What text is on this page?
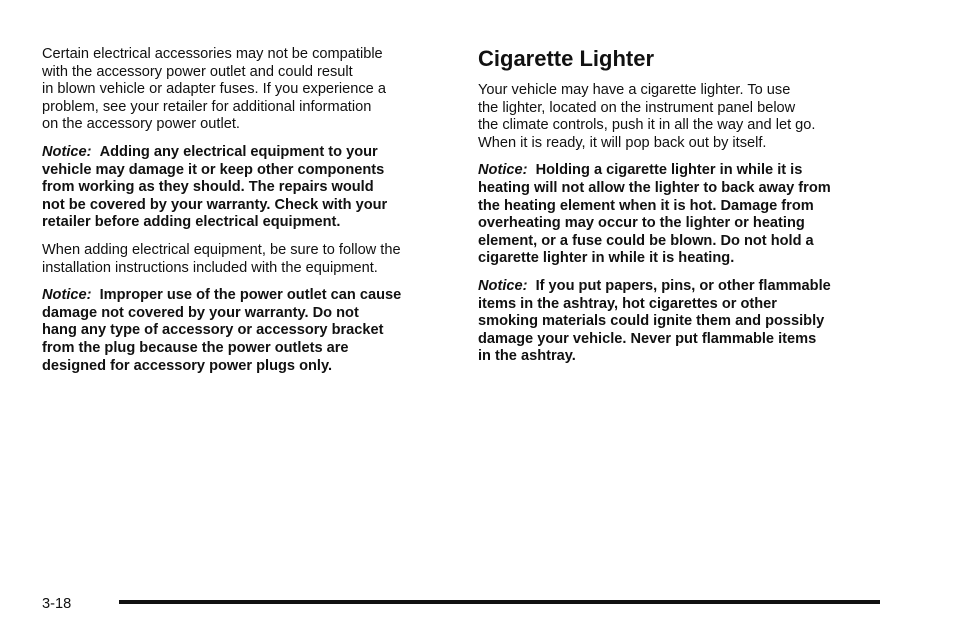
Certain electrical accessories may not be compatible
with the accessory power outlet and could result
in blown vehicle or adapter fuses. If you experience a
problem, see your retailer for additional information
on the accessory power outlet.

Notice: Adding any electrical equipment to your
vehicle may damage it or keep other components
from working as they should. The repairs would
not be covered by your warranty. Check with your
retailer before adding electrical equipment.

When adding electrical equipment, be sure to follow the
installation instructions included with the equipment.

Notice: Improper use of the power outlet can cause
damage not covered by your warranty. Do not
hang any type of accessory or accessory bracket
from the plug because the power outlets are
designed for accessory power plugs only.

Cigarette Lighter

Your vehicle may have a cigarette lighter. To use
the lighter, located on the instrument panel below
the climate controls, push it in all the way and let go.
When it is ready, it will pop back out by itself.

Notice: Holding a cigarette lighter in while it is
heating will not allow the lighter to back away from
the heating element when it is hot. Damage from
overheating may occur to the lighter or heating
element, or a fuse could be blown. Do not hold a
cigarette lighter in while it is heating.

Notice: If you put papers, pins, or other flammable
items in the ashtray, hot cigarettes or other
smoking materials could ignite them and possibly
damage your vehicle. Never put flammable items
in the ashtray.

3-18
